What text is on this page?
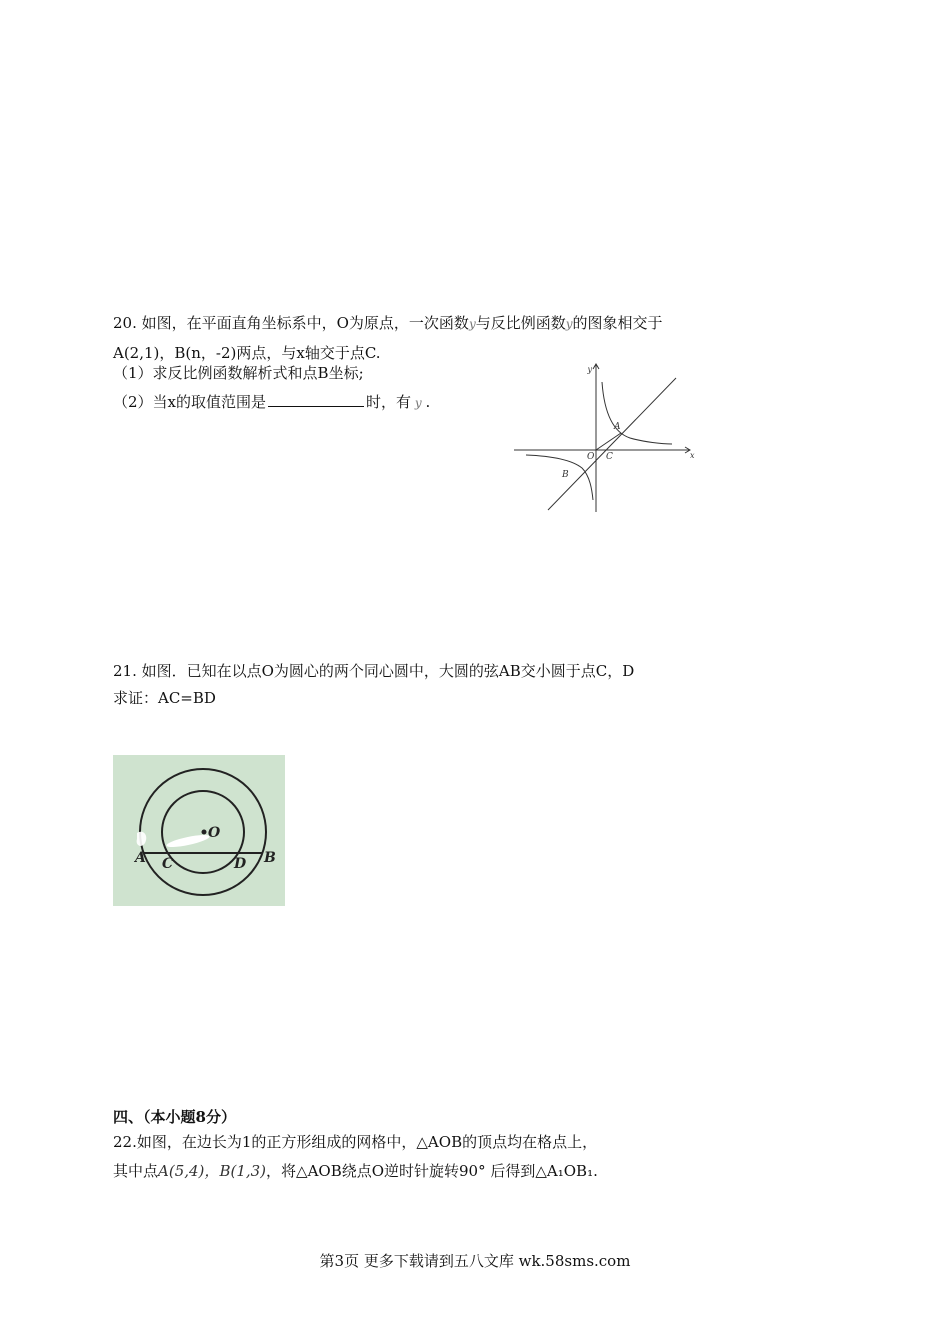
20. 如图，在平面直角坐标系中，O为原点，一次函数y与反比例函数y的图象相交于
A(2,1)，B(n，-2)两点，与x轴交于点C.
（1）求反比例函数解析式和点B坐标;
（2）当x的取值范围是	时，有 y .
y
x
O
A
B
C
21. 如图．已知在以点O为圆心的两个同心圆中，大圆的弦AB交小圆于点C，D
求证：AC=BD
O
A	B
C	D
四、（本小题8分）
22.如图，在边长为1的正方形组成的网格中，△AOB的顶点均在格点上，
其中点A(5,4)，B(1,3)，将△AOB绕点O逆时针旋转90° 后得到△A₁OB₁.
第3页 更多下载请到五八文库 wk.58sms.com
